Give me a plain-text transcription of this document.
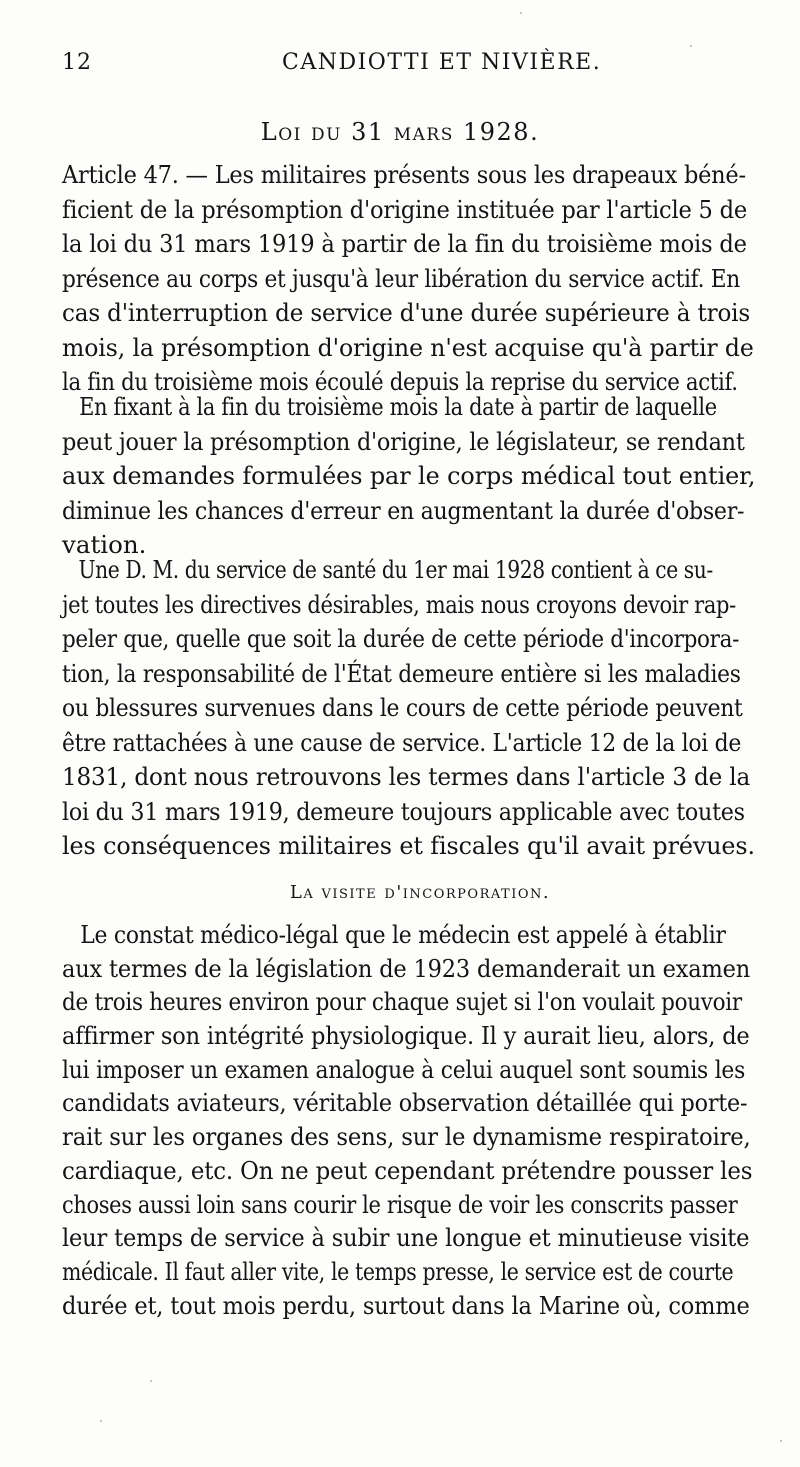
12	CANDIOTTI ET NIVIÈRE.
Loi du 31 mars 1928.
Article 47. — Les militaires présents sous les drapeaux béné-
ficient de la présomption d'origine instituée par l'article 5 de
la loi du 31 mars 1919 à partir de la fin du troisième mois de
présence au corps et jusqu'à leur libération du service actif. En
cas d'interruption de service d'une durée supérieure à trois
mois, la présomption d'origine n'est acquise qu'à partir de
la fin du troisième mois écoulé depuis la reprise du service actif.
En fixant à la fin du troisième mois la date à partir de laquelle
peut jouer la présomption d'origine, le législateur, se rendant
aux demandes formulées par le corps médical tout entier,
diminue les chances d'erreur en augmentant la durée d'obser-
vation.
Une D. M. du service de santé du 1er mai 1928 contient à ce su-
jet toutes les directives désirables, mais nous croyons devoir rap-
peler que, quelle que soit la durée de cette période d'incorpora-
tion, la responsabilité de l'État demeure entière si les maladies
ou blessures survenues dans le cours de cette période peuvent
être rattachées à une cause de service. L'article 12 de la loi de
1831, dont nous retrouvons les termes dans l'article 3 de la
loi du 31 mars 1919, demeure toujours applicable avec toutes
les conséquences militaires et fiscales qu'il avait prévues.
La visite d'incorporation.
Le constat médico-légal que le médecin est appelé à établir
aux termes de la législation de 1923 demanderait un examen
de trois heures environ pour chaque sujet si l'on voulait pouvoir
affirmer son intégrité physiologique. Il y aurait lieu, alors, de
lui imposer un examen analogue à celui auquel sont soumis les
candidats aviateurs, véritable observation détaillée qui porte-
rait sur les organes des sens, sur le dynamisme respiratoire,
cardiaque, etc. On ne peut cependant prétendre pousser les
choses aussi loin sans courir le risque de voir les conscrits passer
leur temps de service à subir une longue et minutieuse visite
médicale. Il faut aller vite, le temps presse, le service est de courte
durée et, tout mois perdu, surtout dans la Marine où, comme
